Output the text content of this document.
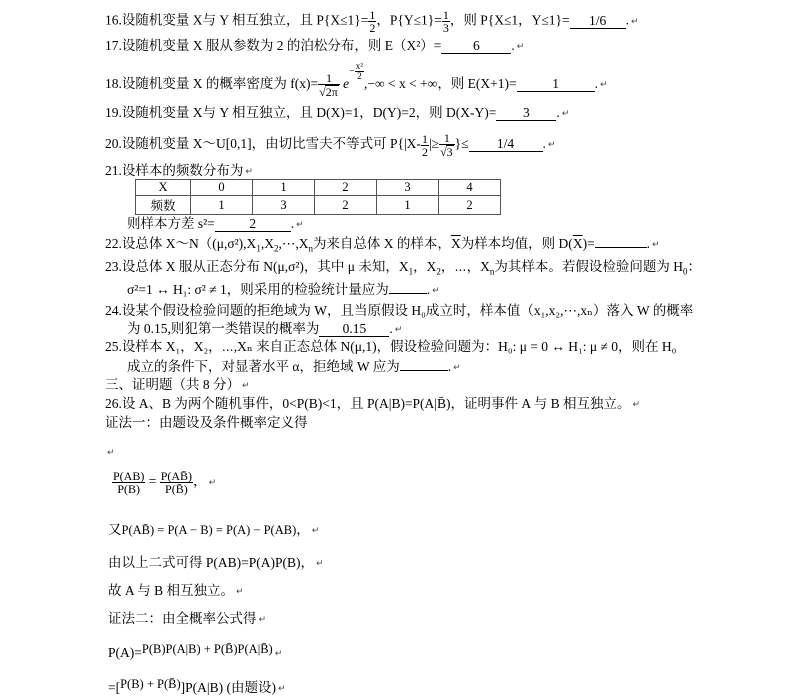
16.设随机变量 X与 Y 相互独立，且 $P\{X\le 1\}= \frac{1}{2}$ ，$P\{Y\le 1\}= \frac{1}{3}$ ，则 P{X≤1，Y≤1}= 1/6 . ↵
17.设随机变量 X 服从参数为 2 的泊松分布，则 E（X²）= 6 . ↵
18.设随机变量 X 的概率密度为 $f(x)= \frac{1}{√2\pi} e- \frac{\text{x²}}{2}$
,−∞ < x < +∞，则 E(X+1)=	1	. ↵
19.设随机变量 X与 Y 相互独立，且 D(X)=1，D(Y)=2，则 D(X-Y)= 3 . ↵
20.设随机变量 X～U[0,1]，由切比雪夫不等式可 $P\{|X- \frac{1}{2}$ |≥ $\frac{1}{√3}$ }≤ 1/4 . ↵
21.设样本的频数分布为 ↵
X	0	1	2	3	4
频数	1	3	2	1	2
则样本方差 s²=	2	. ↵
22.设总体 $X\sim N((\mu,\sigma^2),X_1,X_2,\cdots,X_n$为来自总体 X 的样本，$\overline{X}$为样本均值，则 $D(\overline{X})=$	. ↵
23.设总体 X 服从正态分布 N(μ,σ²)，其中 μ 未知，$X_1$，$X_2$，⋯，$X_n$为其样本。若假设检验问题为 $H_0$：
σ²=1 ↔ H₁: σ² ≠ 1，则采用的检验统计量应为	. ↵
24.设某个假设检验问题的拒绝域为 W，且当原假设 H₀成立时，样本值（x₁,x₂,⋯,xₙ）落入 W 的概率
为 0.15,则犯第一类错误的概率为 0.15 . ↵
25.设样本 X₁，X₂，⋯,Xₙ 来自正态总体 N(μ,1)，假设检验问题为：H₀: μ = 0 ↔ H₁: μ ≠ 0，则在 H₀
成立的条件下，对显著水平 α，拒绝域 W 应为	. ↵
三、证明题（共 8 分） ↵
26.设 A、B 为两个随机事件，0<P(B)<1，且 P(A|B)=P(A|B̄)，证明事件 A 与 B 相互独立。 ↵
证法一：由题设及条件概率定义得
↵
$\frac{P(AB)}{P(B)} = \frac{P(AB̄)}{P(B̄)}$ ， ↵
又P(AB̄) = P(A − B) = P(A) − P(AB)， ↵
由以上二式可得 P(AB)=P(A)P(B)， ↵
故 A 与 B 相互独立。 ↵
证法二：由全概率公式得 ↵
P(A)=P(B)P(A|B) + P(B̄)P(A|B̄) ↵
=[P(B) + P(B̄)]P(A|B) (由题设) ↵
